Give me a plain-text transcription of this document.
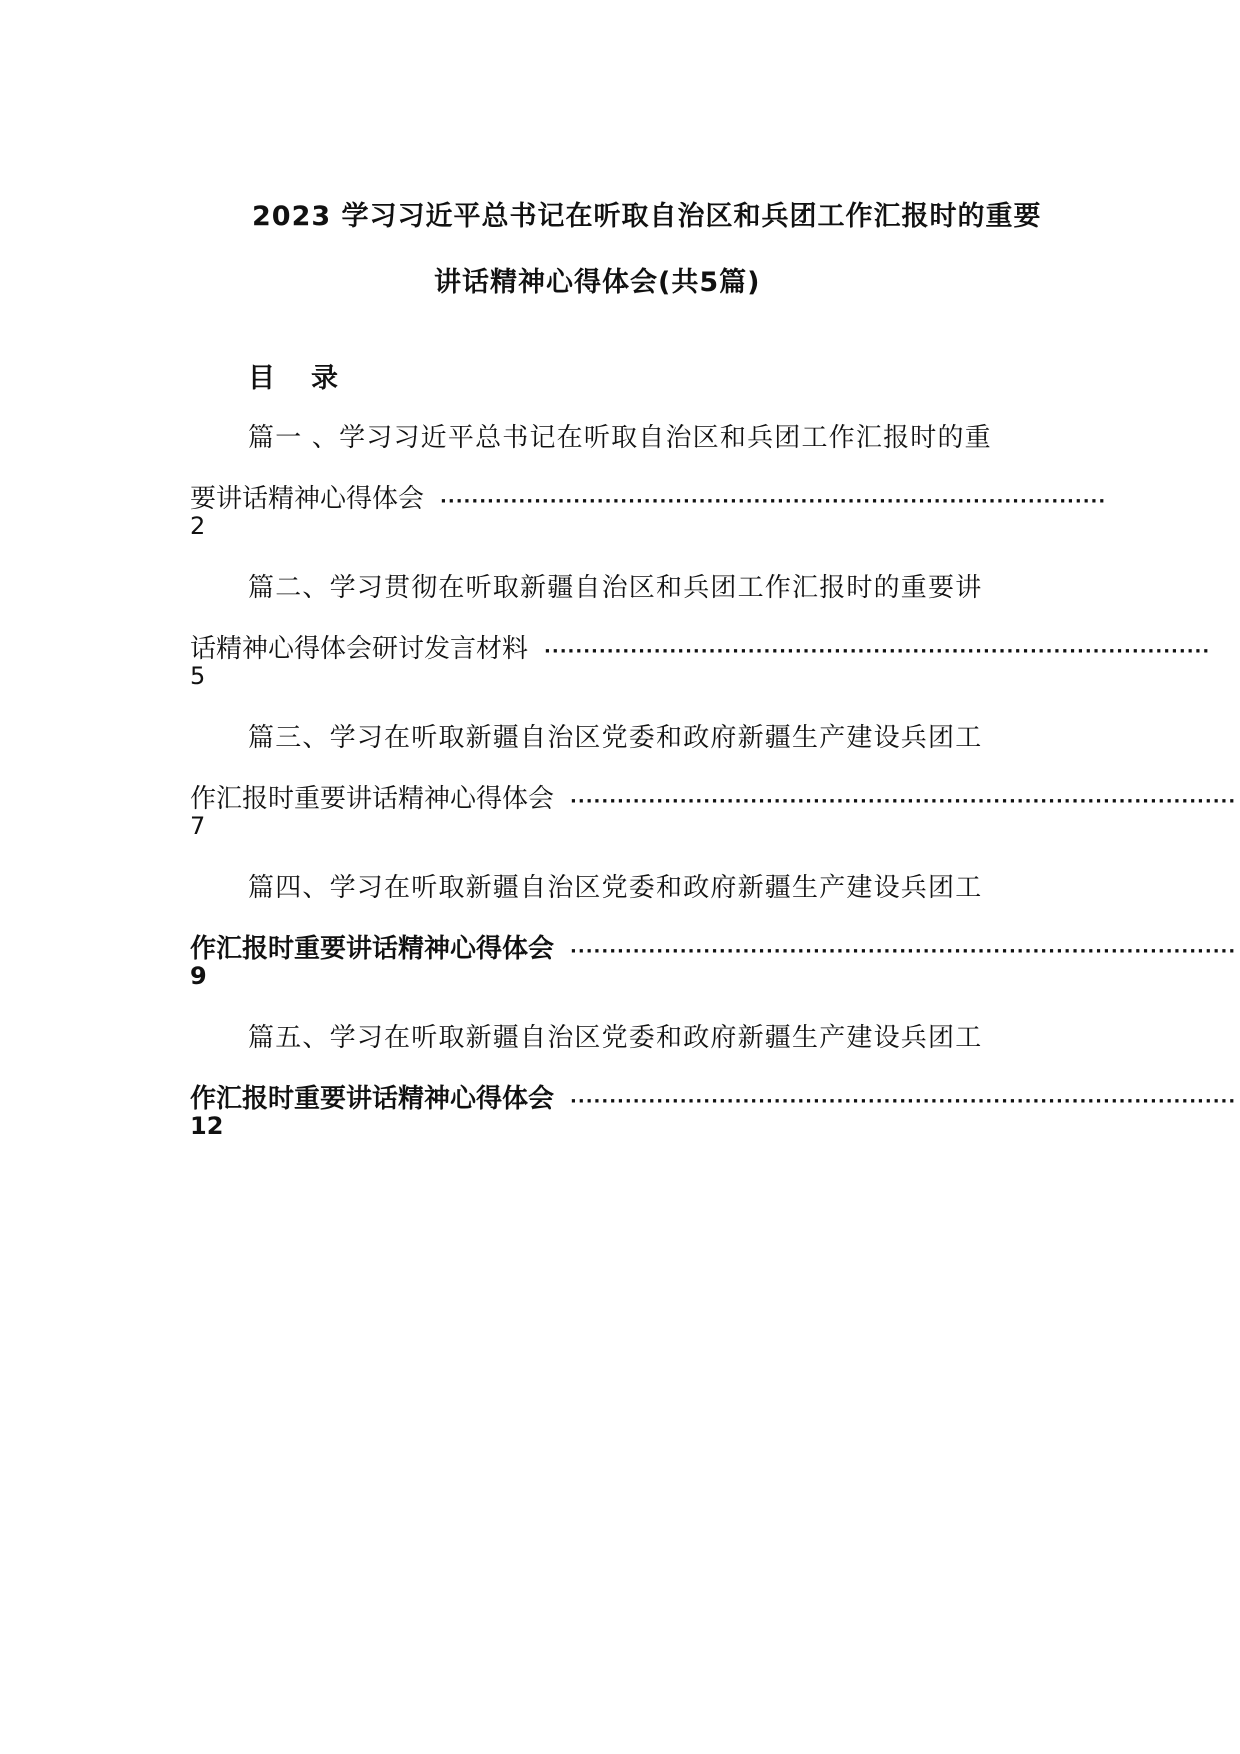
2023 学习习近平总书记在听取自治区和兵团工作汇报时的重要
讲话精神心得体会(共5篇)
目 录
篇一 、学习习近平总书记在听取自治区和兵团工作汇报时的重
要讲话精神心得体会 ·····················································································
2
篇二、学习贯彻在听取新疆自治区和兵团工作汇报时的重要讲
话精神心得体会研讨发言材料 ·····················································································
5
篇三、学习在听取新疆自治区党委和政府新疆生产建设兵团工
作汇报时重要讲话精神心得体会 ·····················································································
7
篇四、学习在听取新疆自治区党委和政府新疆生产建设兵团工
作汇报时重要讲话精神心得体会 ·····················································································
9
篇五、学习在听取新疆自治区党委和政府新疆生产建设兵团工
作汇报时重要讲话精神心得体会 ·····················································································
12
